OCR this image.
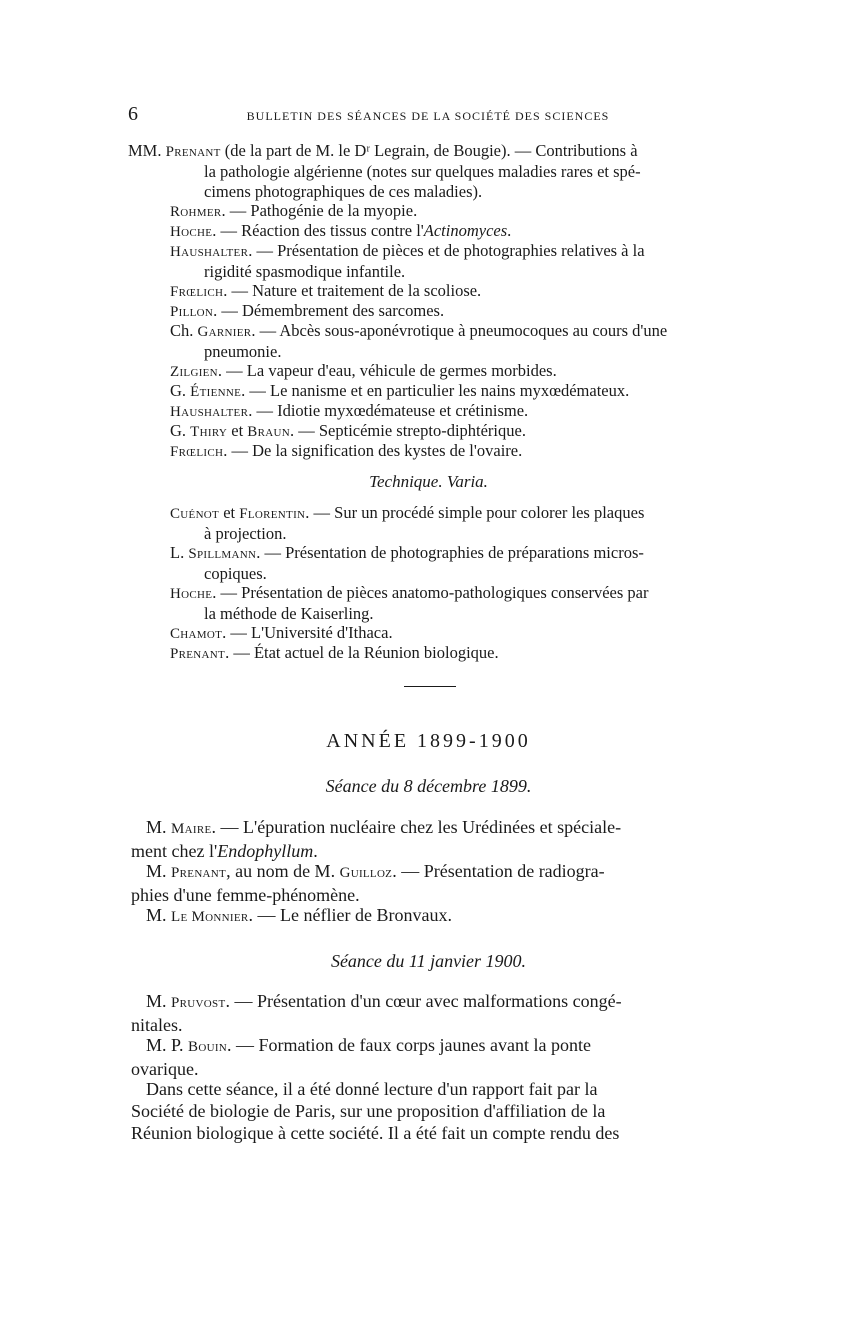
6	BULLETIN DES SÉANCES DE LA SOCIÉTÉ DES SCIENCES
MM. Prenant (de la part de M. le Dʳ Legrain, de Bougie). — Contributions à
la pathologie algérienne (notes sur quelques maladies rares et spé-
cimens photographiques de ces maladies).
Rohmer. — Pathogénie de la myopie.
Hoche. — Réaction des tissus contre l'Actinomyces.
Haushalter. — Présentation de pièces et de photographies relatives à la
rigidité spasmodique infantile.
Frœlich. — Nature et traitement de la scoliose.
Pillon. — Démembrement des sarcomes.
Ch. Garnier. — Abcès sous-aponévrotique à pneumocoques au cours d'une
pneumonie.
Zilgien. — La vapeur d'eau, véhicule de germes morbides.
G. Étienne. — Le nanisme et en particulier les nains myxœdémateux.
Haushalter. — Idiotie myxœdémateuse et crétinisme.
G. Thiry et Braun. — Septicémie strepto-diphtérique.
Frœlich. — De la signification des kystes de l'ovaire.
Technique. Varia.
Cuénot et Florentin. — Sur un procédé simple pour colorer les plaques
à projection.
L. Spillmann. — Présentation de photographies de préparations micros-
copiques.
Hoche. — Présentation de pièces anatomo-pathologiques conservées par
la méthode de Kaiserling.
Chamot. — L'Université d'Ithaca.
Prenant. — État actuel de la Réunion biologique.
ANNÉE 1899-1900
Séance du 8 décembre 1899.
M. Maire. — L'épuration nucléaire chez les Urédinées et spéciale-
ment chez l'Endophyllum.
M. Prenant, au nom de M. Guilloz. — Présentation de radiogra-
phies d'une femme-phénomène.
M. Le Monnier. — Le néflier de Bronvaux.
Séance du 11 janvier 1900.
M. Pruvost. — Présentation d'un cœur avec malformations congé-
nitales.
M. P. Bouin. — Formation de faux corps jaunes avant la ponte
ovarique.
Dans cette séance, il a été donné lecture d'un rapport fait par la
Société de biologie de Paris, sur une proposition d'affiliation de la
Réunion biologique à cette société. Il a été fait un compte rendu des
